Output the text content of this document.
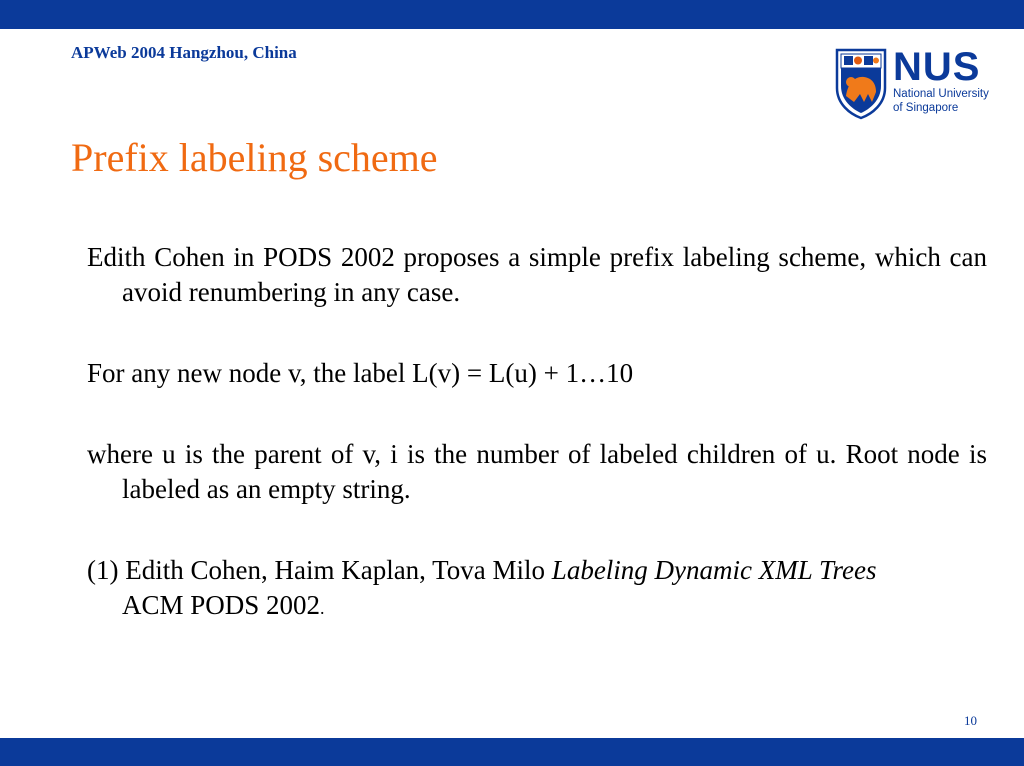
APWeb 2004 Hangzhou, China	NUS
National University
of Singapore
Prefix labeling scheme

Edith Cohen in PODS 2002 proposes a simple prefix labeling scheme, which can avoid renumbering in any case.

For any new node v, the label L(v) = L(u) + 1…10

where u is the parent of v, i is the number of labeled children of u. Root node is labeled as an empty string.

(1) Edith Cohen, Haim Kaplan, Tova Milo Labeling Dynamic XML Trees
ACM PODS 2002.

10
